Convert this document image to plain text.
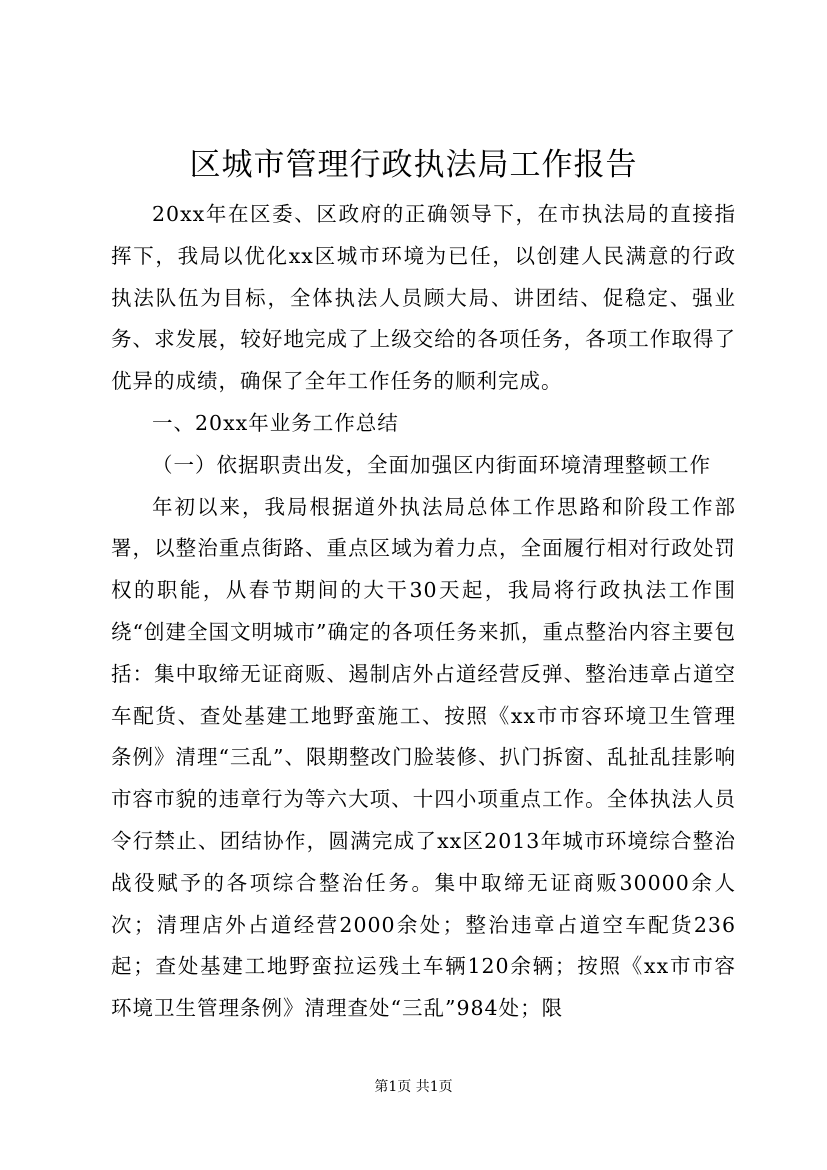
区城市管理行政执法局工作报告

20xx年在区委、区政府的正确领导下，在市执法局的直接指挥下，我局以优化xx区城市环境为已任，以创建人民满意的行政执法队伍为目标，全体执法人员顾大局、讲团结、促稳定、强业务、求发展，较好地完成了上级交给的各项任务，各项工作取得了优异的成绩，确保了全年工作任务的顺利完成。

一、20xx年业务工作总结

（一）依据职责出发，全面加强区内街面环境清理整顿工作

年初以来，我局根据道外执法局总体工作思路和阶段工作部署，以整治重点街路、重点区域为着力点，全面履行相对行政处罚权的职能，从春节期间的大干30天起，我局将行政执法工作围绕“创建全国文明城市”确定的各项任务来抓，重点整治内容主要包括：集中取缔无证商贩、遏制店外占道经营反弹、整治违章占道空车配货、查处基建工地野蛮施工、按照《xx市市容环境卫生管理条例》清理“三乱”、限期整改门脸装修、扒门拆窗、乱扯乱挂影响市容市貌的违章行为等六大项、十四小项重点工作。全体执法人员令行禁止、团结协作，圆满完成了xx区2013年城市环境综合整治战役赋予的各项综合整治任务。集中取缔无证商贩30000余人次；清理店外占道经营2000余处；整治违章占道空车配货236起；查处基建工地野蛮拉运残土车辆120余辆；按照《xx市市容环境卫生管理条例》清理查处“三乱”984处；限

第1页 共1页
